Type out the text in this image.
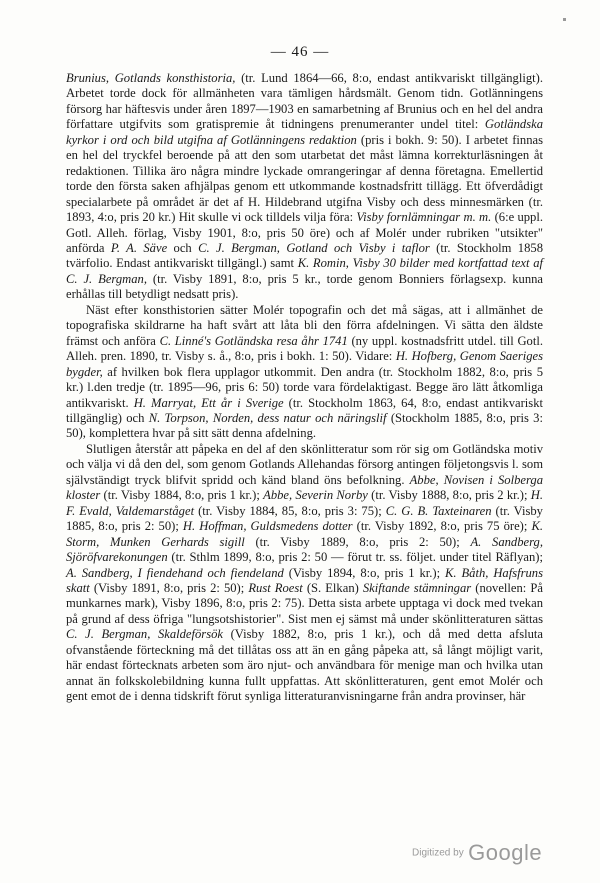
— 46 —

Brunius, Gotlands konsthistoria, (tr. Lund 1864—66, 8:o, endast antikvariskt tillgängligt). Arbetet torde dock för allmänheten vara tämligen hårdsmält. Genom tidn. Gotlänningens försorg har häftesvis under åren 1897—1903 en samarbetning af Brunius och en hel del andra författare utgifvits som gratispremie åt tidningens prenumeranter undel titel: Gotländska kyrkor i ord och bild utgifna af Gotlänningens redaktion (pris i bokh. 9: 50). I arbetet finnas en hel del tryckfel beroende på att den som utarbetat det måst lämna korrekturläsningen åt redaktionen. Tillika äro några mindre lyckade omrangeringar af denna företagna. Emellertid torde den första saken afhjälpas genom ett utkommande kostnadsfritt tillägg. Ett öfverdådigt specialarbete på området är det af H. Hildebrand utgifna Visby och dess minnesmärken (tr. 1893, 4:o, pris 20 kr.) Hit skulle vi ock tilldels vilja föra: Visby fornlämningar m. m. (6:e uppl. Gotl. Alleh. förlag, Visby 1901, 8:o, pris 50 öre) och af Molér under rubriken "utsikter" anförda P. A. Säve och C. J. Bergman, Gotland och Visby i taflor (tr. Stockholm 1858 tvärfolio. Endast antikvariskt tillgängl.) samt K. Romin, Visby 30 bilder med kortfattad text af C. J. Bergman, (tr. Visby 1891, 8:o, pris 5 kr., torde genom Bonniers förlagsexp. kunna erhållas till betydligt nedsatt pris).

Näst efter konsthistorien sätter Molér topografin och det må sägas, att i allmänhet de topografiska skildrarne ha haft svårt att låta bli den förra afdelningen. Vi sätta den äldste främst och anföra C. Linné's Gotländska resa åhr 1741 (ny uppl. kostnadsfritt utdel. till Gotl. Alleh. pren. 1890, tr. Visby s. å., 8:o, pris i bokh. 1: 50). Vidare: H. Hofberg, Genom Saeriges bygder, af hvilken bok flera upplagor utkommit. Den andra (tr. Stockholm 1882, 8:o, pris 5 kr.) l.den tredje (tr. 1895—96, pris 6: 50) torde vara fördelaktigast. Begge äro lätt åtkomliga antikvariskt. H. Marryat, Ett år i Sverige (tr. Stockholm 1863, 64, 8:o, endast antikvariskt tillgänglig) och N. Torpson, Norden, dess natur och näringslif (Stockholm 1885, 8:o, pris 3: 50), komplettera hvar på sitt sätt denna afdelning.

Slutligen återstår att påpeka en del af den skönlitteratur som rör sig om Gotländska motiv och välja vi då den del, som genom Gotlands Allehandas försorg antingen följetongsvis l. som självständigt tryck blifvit spridd och känd bland öns befolkning. Abbe, Novisen i Solberga kloster (tr. Visby 1884, 8:o, pris 1 kr.); Abbe, Severin Norby (tr. Visby 1888, 8:o, pris 2 kr.); H. F. Evald, Valdemarståget (tr. Visby 1884, 85, 8:o, pris 3: 75); C. G. B. Taxteinaren (tr. Visby 1885, 8:o, pris 2: 50); H. Hoffman, Guldsmedens dotter (tr. Visby 1892, 8:o, pris 75 öre); K. Storm, Munken Gerhards sigill (tr. Visby 1889, 8:o, pris 2: 50); A. Sandberg, Sjöröfvarekonungen (tr. Sthlm 1899, 8:o, pris 2: 50 — förut tr. ss. följet. under titel Räflyan); A. Sandberg, I fiendehand och fiendeland (Visby 1894, 8:o, pris 1 kr.); K. Båth, Hafsfruns skatt (Visby 1891, 8:o, pris 2: 50); Rust Roest (S. Elkan) Skiftande stämningar (novellen: På munkarnes mark), Visby 1896, 8:o, pris 2: 75). Detta sista arbete upptaga vi dock med tvekan på grund af dess öfriga "lungsotshistorier". Sist men ej sämst må under skönlitteraturen sättas C. J. Bergman, Skaldeförsök (Visby 1882, 8:o, pris 1 kr.), och då med detta afsluta ofvanstående förteckning må det tillåtas oss att än en gång påpeka att, så långt möjligt varit, här endast förtecknats arbeten som äro njut- och användbara för menige man och hvilka utan annat än folkskolebildning kunna fullt uppfattas. Att skönlitteraturen, gent emot Molér och gent emot de i denna tidskrift förut synliga litteraturanvisningarne från andra provinser, här

Digitized by Google
